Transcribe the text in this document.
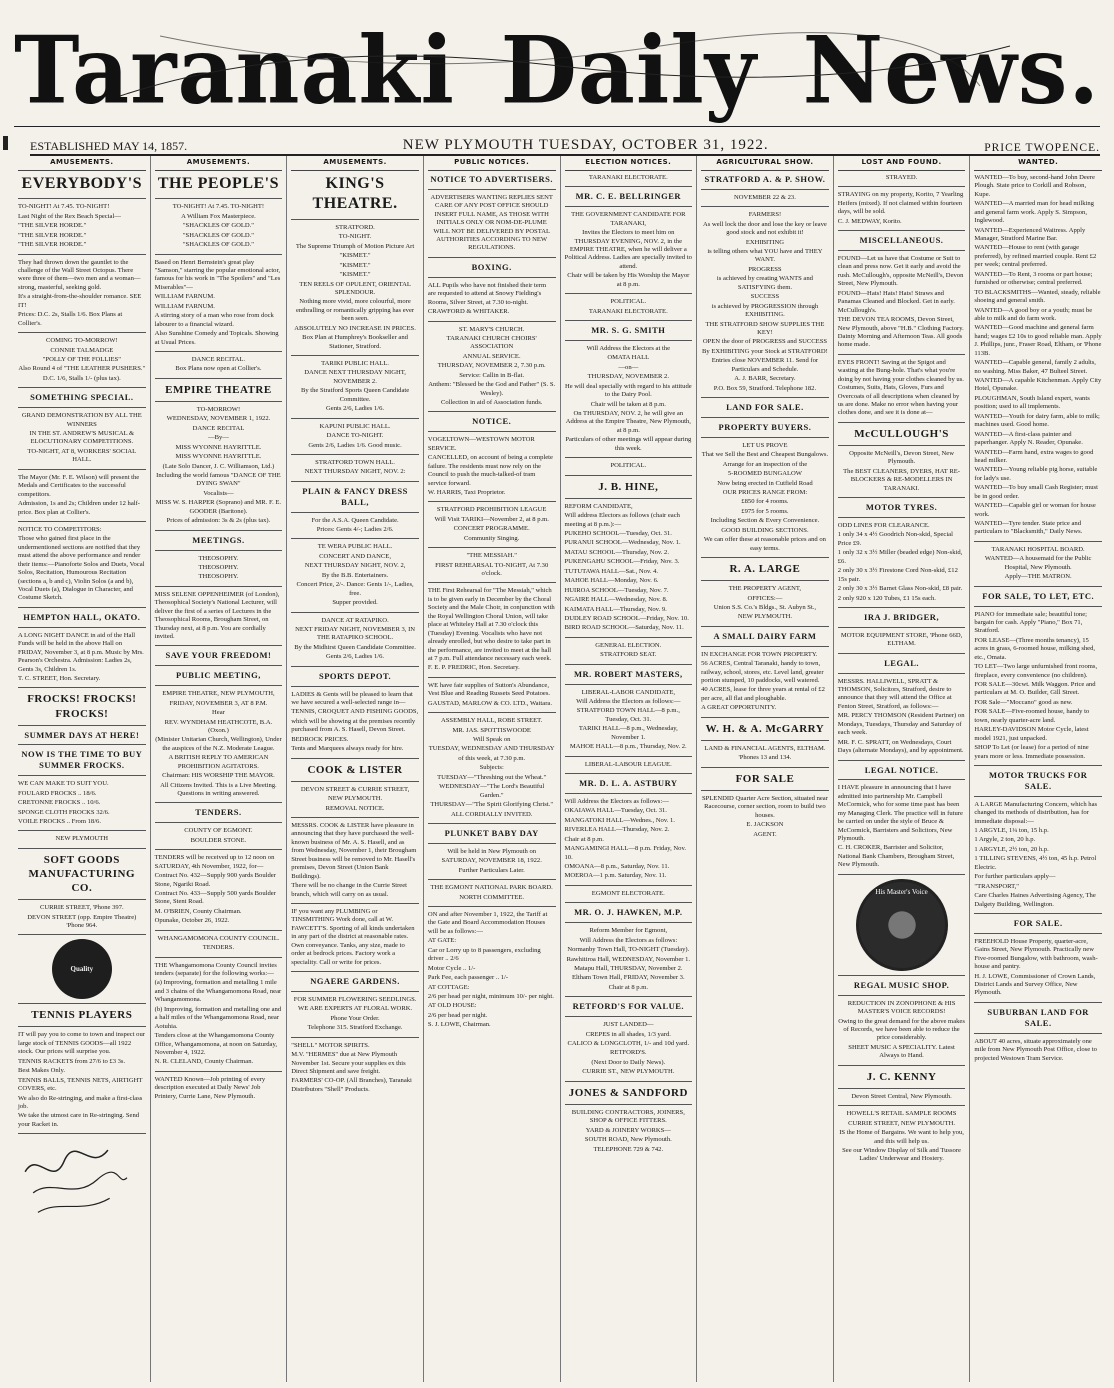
Taranaki Daily News.
ESTABLISHED MAY 14, 1857.	NEW PLYMOUTH TUESDAY, OCTOBER 31, 1922.	PRICE TWOPENCE.
AMUSEMENTS.
EVERYBODY'S

TO-NIGHT! At 7.45. TO-NIGHT!

Last Night of the Rex Beach Special—

"THE SILVER HORDE."

"THE SILVER HORDE."

"THE SILVER HORDE."

They had thrown down the gauntlet to the challenge of the Wall Street Octopus. There were three of them—two men and a woman—strong, masterful, seeking gold.

It's a straight-from-the-shoulder romance. SEE IT!

Prices: D.C. 2s, Stalls 1/6. Box Plans at Collier's.

COMING TO-MORROW!

CONNIE TALMADGE

"POLLY OF THE FOLLIES"

Also Round 4 of "THE LEATHER PUSHERS."

D.C. 1/6, Stalls 1/- (plus tax).

SOMETHING SPECIAL.

GRAND DEMONSTRATION BY ALL THE WINNERS

IN THE ST. ANDREW'S MUSICAL & ELOCUTIONARY COMPETITIONS.

TO-NIGHT, AT 8, WORKERS' SOCIAL HALL.

The Mayor (Mr. F. E. Wilson) will present the Medals and Certificates to the successful competitors.

Admission, 1s and 2s; Children under 12 half-price. Box plan at Collier's.

NOTICE TO COMPETITORS:

Those who gained first place in the undermentioned sections are notified that they must attend the above performance and render their items:—Pianoforte Solos and Duets, Vocal Solos, Recitation, Humourous Recitation (sections a, b and c), Violin Solos (a and b), Vocal Duets (a), Dialogue in Character, and Costume Sketch.

HEMPTON HALL, OKATO.

A LONG NIGHT DANCE in aid of the Hall Funds will be held in the above Hall on FRIDAY, November 3, at 8 p.m. Music by Mrs. Pearson's Orchestra. Admission: Ladies 2s, Gents 3s, Children 1s.

T. C. STREET, Hon. Secretary.

FROCKS! FROCKS! FROCKS!
SUMMER DAYS AT HERE!
NOW IS THE TIME TO BUY SUMMER FROCKS.

WE CAN MAKE TO SUIT YOU.

FOULARD FROCKS .. 18/6.

CRETONNE FROCKS .. 10/6.

SPONGE CLOTH FROCKS 32/6.

VOILE FROCKS .. From 18/6.

NEW PLYMOUTH

SOFT GOODS MANUFACTURING CO.

CURRIE STREET, 'Phone 397.

DEVON STREET (opp. Empire Theatre) 'Phone 964.

Quality
TENNIS PLAYERS

IT will pay you to come to town and inspect our large stock of TENNIS GOODS—all 1922 stock. Our prices will surprise you.

TENNIS RACKETS from 27/6 to £3 3s.

Best Makes Only.

TENNIS BALLS, TENNIS NETS, AIRTIGHT COVERS, etc.

We also do Re-stringing, and make a first-class job.

We take the utmost care in Re-stringing. Send your Racket in.

AMUSEMENTS.
THE PEOPLE'S

TO-NIGHT! At 7.45. TO-NIGHT!

A William Fox Masterpiece.

"SHACKLES OF GOLD."

"SHACKLES OF GOLD."

"SHACKLES OF GOLD."

Based on Henri Bernstein's great play "Samson," starring the popular emotional actor, famous for his work in "The Spoilers" and "Les Miserables"—

WILLIAM FARNUM.

WILLIAM FARNUM.

A stirring story of a man who rose from dock labourer to a financial wizard.

Also Sunshine Comedy and Topicals. Showing at Usual Prices.

DANCE RECITAL.

Box Plans now open at Collier's.

EMPIRE THEATRE

TO-MORROW!

WEDNESDAY, NOVEMBER 1, 1922.

DANCE RECITAL

—By—

MISS WYONNE HAYRITTLE.

MISS WYONNE HAYRITTLE.

(Late Solo Dancer, J. C. Williamson, Ltd.)

Including the world famous "DANCE OF THE DYING SWAN"

Vocalists—

MISS W. S. HARPER (Soprano) and MR. F. E. GOODER (Baritone).

Prices of admission: 3s & 2s (plus tax).

MEETINGS.

THEOSOPHY.

THEOSOPHY.

THEOSOPHY.

MISS SELENE OPPENHEIMER (of London), Theosophical Society's National Lecturer, will deliver the first of a series of Lectures in the Theosophical Rooms, Brougham Street, on Thursday next, at 8 p.m. You are cordially invited.

SAVE YOUR FREEDOM!
PUBLIC MEETING,

EMPIRE THEATRE, NEW PLYMOUTH,

FRIDAY, NOVEMBER 3, AT 8 P.M.

Hear

REV. WYNDHAM HEATHCOTE, B.A. (Oxon.)

(Minister Unitarian Church, Wellington), Under the auspices of the N.Z. Moderate League.

A BRITISH REPLY TO AMERICAN PROHIBITION AGITATORS.

Chairman: HIS WORSHIP THE MAYOR.

All Citizens Invited. This is a Live Meeting. Questions in writing answered.

TENDERS.

COUNTY OF EGMONT.

BOULDER STONE.

TENDERS will be received up to 12 noon on SATURDAY, 4th November, 1922, for—

Contract No. 432—Supply 900 yards Boulder Stone, Ngariki Road.

Contract No. 433—Supply 500 yards Boulder Stone, Stent Road.

M. O'BRIEN, County Chairman.

Opunake, October 26, 1922.

WHANGAMOMONA COUNTY COUNCIL.

TENDERS.

THE Whangamomona County Council invites tenders (separate) for the following works:—

(a) Improving, formation and metalling 1 mile and 3 chains of the Whangamomona Road, near Whangamomona.

(b) Improving, formation and metalling one and a half miles of the Whangamomona Road, near Aotuhia.

Tenders close at the Whangamomona County Office, Whangamomona, at noon on Saturday, November 4, 1922.

N. R. CLELAND, County Chairman.

WANTED Known—Job printing of every description executed at Daily News' Job Printery, Currie Lane, New Plymouth.

AMUSEMENTS.
KING'S THEATRE.

STRATFORD.

TO-NIGHT.

The Supreme Triumph of Motion Picture Art

"KISMET."

"KISMET."

"KISMET."

TEN REELS OF OPULENT, ORIENTAL SPLENDOUR.

Nothing more vivid, more colourful, more enthralling or romantically gripping has ever been seen.

ABSOLUTELY NO INCREASE IN PRICES.

Box Plan at Humphrey's Bookseller and Stationer, Stratford.

TARIKI PUBLIC HALL.

DANCE NEXT THURSDAY NIGHT, NOVEMBER 2.

By the Stratford Sports Queen Candidate Committee.

Gents 2/6, Ladies 1/6.

KAPUNI PUBLIC HALL.

DANCE TO-NIGHT.

Gents 2/6, Ladies 1/6. Good music.

STRATFORD TOWN HALL.

NEXT THURSDAY NIGHT, NOV. 2:

PLAIN & FANCY DRESS BALL,

For the A.S.A. Queen Candidate.

Prices: Gents 4/-; Ladies 2/6.

TE WERA PUBLIC HALL.

CONCERT AND DANCE,

NEXT THURSDAY NIGHT, NOV. 2,

By the B.B. Entertainers.

Concert Price, 2/-. Dance: Gents 1/-, Ladies, free.

Supper provided.

DANCE AT RATAPIKO.

NEXT FRIDAY NIGHT, NOVEMBER 3, IN THE RATAPIKO SCHOOL.

By the Midhirst Queen Candidate Committee.

Gents 2/6, Ladies 1/6.

SPORTS DEPOT.

LADIES & Gents will be pleased to learn that we have secured a well-selected range in—

TENNIS, CROQUET AND FISHING GOODS,

which will be showing at the premises recently purchased from A. S. Hasell, Devon Street.

BEDROCK PRICES.

Tents and Marquees always ready for hire.

COOK & LISTER

DEVON STREET & CURRIE STREET,

NEW PLYMOUTH.

REMOVAL NOTICE.

MESSRS. COOK & LISTER have pleasure in announcing that they have purchased the well-known business of Mr. A. S. Hasell, and as from Wednesday, November 1, their Brougham Street business will be removed to Mr. Hasell's premises, Devon Street (Union Bank Buildings).

There will be no change in the Currie Street branch, which will carry on as usual.

IF you want any PLUMBING or TINSMITHING Work done, call at W. FAWCETT'S. Sporting of all kinds undertaken in any part of the district at reasonable rates. Own conveyance. Tanks, any size, made to order at bedrock prices. Factory work a speciality. Call or write for prices.

NGAERE GARDENS.

FOR SUMMER FLOWERING SEEDLINGS.

WE ARE EXPERTS AT FLORAL WORK.

Phone Your Order.

Telephone 315. Stratford Exchange.

"SHELL" MOTOR SPIRITS.

M.V. "HERMES" due at New Plymouth November 1st. Secure your supplies ex this Direct Shipment and save freight.

FARMERS' CO-OP. (All Branches), Taranaki Distributors "Shell" Products.

PUBLIC NOTICES.
NOTICE TO ADVERTISERS.

ADVERTISERS WANTING REPLIES SENT CARE OF ANY POST OFFICE SHOULD INSERT FULL NAME, AS THOSE WITH INITIALS ONLY OR NOM-DE-PLUME WILL NOT BE DELIVERED BY POSTAL AUTHORITIES ACCORDING TO NEW REGULATIONS.

BOXING.

ALL Pupils who have not finished their term are requested to attend at Snowy Fielding's Rooms, Silver Street, at 7.30 to-night.

CRAWFORD & WHITAKER.

ST. MARY'S CHURCH.

TARANAKI CHURCH CHOIRS' ASSOCIATION

ANNUAL SERVICE.

THURSDAY, NOVEMBER 2, 7.30 p.m.

Service: Callin in B-flat.

Anthem: "Blessed be the God and Father" (S. S. Wesley).

Collection in aid of Association funds.

NOTICE.

VOGELTOWN—WESTOWN MOTOR SERVICE.

CANCELLED, on account of being a complete failure. The residents must now rely on the Council to push the much-talked-of tram service forward.

W. HARRIS, Taxi Proprietor.

STRATFORD PROHIBITION LEAGUE

Will Visit TARIKI—November 2, at 8 p.m.

CONCERT PROGRAMME.

Community Singing.

"THE MESSIAH."

FIRST REHEARSAL TO-NIGHT, At 7.30 o'clock.

THE First Rehearsal for "The Messiah," which is to be given early in December by the Choral Society and the Male Choir, in conjunction with the Royal Wellington Choral Union, will take place at Whiteley Hall at 7.30 o'clock this (Tuesday) Evening. Vocalists who have not already enrolled, but who desire to take part in the performance, are invited to meet at the hall at 7 p.m. Full attendance necessary each week.

F. E. P. FREDRIC, Hon. Secretary.

WE have fair supplies of Sutton's Abundance, Vest Blue and Reading Russets Seed Potatoes.

GAUSTAD, MARLOW & CO. LTD., Waitara.

ASSEMBLY HALL, ROBE STREET.

MR. JAS. SPOTTISWOODE

Will Speak on

TUESDAY, WEDNESDAY AND THURSDAY

of this week, at 7.30 p.m.

Subjects:

TUESDAY—"Threshing out the Wheat."

WEDNESDAY—"The Lord's Beautiful Garden."

THURSDAY—"The Spirit Glorifying Christ."

ALL CORDIALLY INVITED.

PLUNKET BABY DAY

Will be held in New Plymouth on

SATURDAY, NOVEMBER 18, 1922.

Further Particulars Later.

THE EGMONT NATIONAL PARK BOARD.

NORTH COMMITTEE.

ON and after November 1, 1922, the Tariff at the Gate and Board Accommodation Houses will be as follows:—

AT GATE:

Car or Lorry up to 8 passengers, excluding driver .. 2/6

Motor Cycle .. 1/-

Park Fee, each passenger .. 1/-

AT COTTAGE:

2/6 per head per night, minimum 10/- per night.

AT OLD HOUSE:

2/6 per head per night.

S. J. LOWE, Chairman.

ELECTION NOTICES.

TARANAKI ELECTORATE.

MR. C. E. BELLRINGER

THE GOVERNMENT CANDIDATE FOR TARANAKI,

Invites the Electors to meet him on THURSDAY EVENING, NOV. 2, in the EMPIRE THEATRE, when he will deliver a Political Address. Ladies are specially invited to attend.

Chair will be taken by His Worship the Mayor at 8 p.m.

POLITICAL.

TARANAKI ELECTORATE.

MR. S. G. SMITH

Will Address the Electors at the

OMATA HALL

—on—

THURSDAY, NOVEMBER 2.

He will deal specially with regard to his attitude to the Dairy Pool.

Chair will be taken at 8 p.m.

On THURSDAY, NOV. 2, he will give an Address at the Empire Theatre, New Plymouth, at 8 p.m.

Particulars of other meetings will appear during this week.

POLITICAL.

J. B. HINE,

REFORM CANDIDATE,

Will address Electors as follows (chair each meeting at 8 p.m.):—

PUKEHO SCHOOL—Tuesday, Oct. 31.

PURANUI SCHOOL—Wednesday, Nov. 1.

MATAU SCHOOL—Thursday, Nov. 2.

PUKENGAHU SCHOOL—Friday, Nov. 3.

TUTUTAWA HALL—Sat., Nov. 4.

MAHOE HALL—Monday, Nov. 6.

HUIROA SCHOOL—Tuesday, Nov. 7.

NGAIRE HALL—Wednesday, Nov. 8.

KAIMATA HALL—Thursday, Nov. 9.

DUDLEY ROAD SCHOOL—Friday, Nov. 10.

BIRD ROAD SCHOOL—Saturday, Nov. 11.

GENERAL ELECTION.

STRATFORD SEAT.

MR. ROBERT MASTERS,

LIBERAL-LABOR CANDIDATE,

Will Address the Electors as follows:—

STRATFORD TOWN HALL—8 p.m., Tuesday, Oct. 31.

TARIKI HALL—8 p.m., Wednesday, November 1.

MAHOE HALL—8 p.m., Thursday, Nov. 2.

LIBERAL-LABOUR LEAGUE.

MR. D. L. A. ASTBURY

Will Address the Electors as follows:—

OKAIAWA HALL—Tuesday, Oct. 31.

MANGATOKI HALL—Wednes., Nov. 1.

RIVERLEA HALL—Thursday, Nov. 2.

Chair at 8 p.m.

MANGAMINGI HALL—8 p.m. Friday, Nov. 10.

OMOANA—8 p.m., Saturday, Nov. 11.

MOEROA—1 p.m. Saturday, Nov. 11.

EGMONT ELECTORATE.

MR. O. J. HAWKEN, M.P.

Reform Member for Egmont,

Will Address the Electors as follows:

Normanby Town Hall, TO-NIGHT (Tuesday).

Rawhitiroa Hall, WEDNESDAY, November 1.

Matapu Hall, THURSDAY, November 2.

Eltham Town Hall, FRIDAY, November 3.

Chair at 8 p.m.

RETFORD'S FOR VALUE.

JUST LANDED—

CREPES in all shades, 1/3 yard.

CALICO & LONGCLOTH, 1/- and 10d yard.

RETFORD'S.

(Next Door to Daily News).

CURRIE ST., NEW PLYMOUTH.

JONES & SANDFORD

BUILDING CONTRACTORS, JOINERS, SHOP & OFFICE FITTERS.

YARD & JOINERY WORKS—

SOUTH ROAD, New Plymouth.

TELEPHONE 729 & 742.

AGRICULTURAL SHOW.
STRATFORD A. & P. SHOW.

NOVEMBER 22 & 23.

FARMERS!

As well lock the door and lose the key or leave good stock and not exhibit it!

EXHIBITING

is telling others what YOU have and THEY WANT.

PROGRESS

is achieved by creating WANTS and SATISFYING them.

SUCCESS

is achieved by PROGRESSION through EXHIBITING.

THE STRATFORD SHOW SUPPLIES THE KEY!

OPEN the door of PROGRESS and SUCCESS

By EXHIBITING your Stock at STRATFORD!

Entries close NOVEMBER 11. Send for Particulars and Schedule.

A. J. BARR, Secretary.

P.O. Box 59, Stratford. Telephone 182.

LAND FOR SALE.
PROPERTY BUYERS.

LET US PROVE

That we Sell the Best and Cheapest Bungalows.

Arrange for an inspection of the

5-ROOMED BUNGALOW

Now being erected in Cutfield Road

OUR PRICES RANGE FROM:

£850 for 4 rooms.

£975 for 5 rooms.

Including Section & Every Convenience.

GOOD BUILDING SECTIONS.

We can offer these at reasonable prices and on easy terms.

R. A. LARGE

THE PROPERTY AGENT,

OFFICES:—

Union S.S. Co.'s Bldgs., St. Aubyn St.,

NEW PLYMOUTH.

A SMALL DAIRY FARM

IN EXCHANGE FOR TOWN PROPERTY.

56 ACRES, Central Taranaki, handy to town, railway, school, stores, etc. Level land, greater portion stumped, 10 paddocks, well watered.

40 ACRES, lease for three years at rental of £2 per acre, all flat and ploughable.

A GREAT OPPORTUNITY.

W. H. & A. McGARRY

LAND & FINANCIAL AGENTS, ELTHAM.

'Phones 13 and 134.

FOR SALE

SPLENDID Quarter Acre Section, situated near Racecourse, corner section, room to build two houses.

E. JACKSON

AGENT.

LOST AND FOUND.

STRAYED.

STRAYING on my property, Korito, 7 Yearling Heifers (mixed). If not claimed within fourteen days, will be sold.

C. J. MEDWAY, Korito.

MISCELLANEOUS.

FOUND—Let us have that Costume or Suit to clean and press now. Get it early and avoid the rush. McCullough's, opposite McNeill's, Devon Street, New Plymouth.

FOUND—Hats! Hats! Hats! Straws and Panamas Cleaned and Blocked. Get in early. McCullough's.

THE DEVON TEA ROOMS, Devon Street, New Plymouth, above "H.B." Clothing Factory. Dainty Morning and Afternoon Teas. All goods home made.

EYES FRONT! Saving at the Spigot and wasting at the Bung-hole. That's what you're doing by not having your clothes cleaned by us. Costumes, Suits, Hats, Gloves, Furs and Overcoats of all descriptions when cleaned by us are done. Make no error when having your clothes done, and see it is done at—

McCULLOUGH'S

Opposite McNeill's, Devon Street, New Plymouth.

The BEST CLEANERS, DYERS, HAT RE-BLOCKERS & RE-MODELLERS IN TARANAKI.

MOTOR TYRES.

ODD LINES FOR CLEARANCE.

1 only 34 x 4½ Goodrich Non-skid, Special Price £9.

1 only 32 x 3½ Miller (beaded edge) Non-skid, £6.

2 only 30 x 3½ Firestone Cord Non-skid, £12 15s pair.

2 only 30 x 3½ Barnet Glass Non-skid, £8 pair.

2 only 920 x 120 Tubes, £1 15s each.

IRA J. BRIDGER,

MOTOR EQUIPMENT STORE, 'Phone 66D, ELTHAM.

LEGAL.

MESSRS. HALLIWELL, SPRATT & THOMSON, Solicitors, Stratford, desire to announce that they will attend the Office at Fenton Street, Stratford, as follows:—

MR. PERCY THOMSON (Resident Partner) on Mondays, Tuesdays, Thursday and Saturday of each week.

MR. F. C. SPRATT, on Wednesdays, Court Days (alternate Mondays), and by appointment.

LEGAL NOTICE.

I HAVE pleasure in announcing that I have admitted into partnership Mr. Campbell McCormick, who for some time past has been my Managing Clerk. The practice will in future be carried on under the style of Bruce & McCormick, Barristers and Solicitors, New Plymouth.

C. H. CROKER, Barrister and Solicitor, National Bank Chambers, Brougham Street, New Plymouth.

His Master's Voice
REGAL MUSIC SHOP.

REDUCTION IN ZONOPHONE & HIS MASTER'S VOICE RECORDS!

Owing to the great demand for the above makes of Records, we have been able to reduce the price considerably.

SHEET MUSIC A SPECIALITY. Latest Always to Hand.

J. C. KENNY

Devon Street Central, New Plymouth.

HOWELL'S RETAIL SAMPLE ROOMS

CURRIE STREET, NEW PLYMOUTH.

IS the Home of Bargains. We want to help you, and this will help us.

See our Window Display of Silk and Tussore Ladies' Underwear and Hosiery.

WANTED.

WANTED—To buy, second-hand John Deere Plough. State price to Corkill and Robson, Kupe.

WANTED—A married man for head milking and general farm work. Apply S. Simpson, Inglewood.

WANTED—Experienced Waitress. Apply Manager, Stratford Marine Bar.

WANTED—House to rent (with garage preferred), by refined married couple. Rent £2 per week; central preferred.

WANTED—To Rent, 3 rooms or part house; furnished or otherwise; central preferred.

TO BLACKSMITHS—Wanted, steady, reliable shoeing and general smith.

WANTED—A good boy or a youth; must be able to milk and do farm work.

WANTED—Good machine and general farm hand; wages £2 10s to good reliable man. Apply J. Phillips, junr., Fraser Road, Eltham, or 'Phone 113B.

WANTED—Capable general, family 2 adults, no washing. Miss Baker, 47 Bulteel Street.

WANTED—A capable Kitchenman. Apply City Hotel, Opunake.

PLOUGHMAN, South Island expert, wants position; used to all implements.

WANTED—Youth for dairy farm, able to milk; machines used. Good home.

WANTED—A first-class painter and paperhanger. Apply N. Reader, Opunake.

WANTED—Farm hand, extra wages to good head milker.

WANTED—Young reliable pig horse, suitable for lady's use.

WANTED—To buy small Cash Register; must be in good order.

WANTED—Capable girl or woman for house work.

WANTED—Tyre tender. State price and particulars to "Blacksmith," Daily News.

TARANAKI HOSPITAL BOARD.

WANTED—A housemaid for the Public Hospital, New Plymouth.

Apply—THE MATRON.

FOR SALE, TO LET, ETC.

PIANO for immediate sale; beautiful tone; bargain for cash. Apply "Piano," Box 71, Stratford.

FOR LEASE—(Three months tenancy), 15 acres in grass, 6-roomed house, milking shed, etc., Omata.

TO LET—Two large unfurnished front rooms, fireplace, every convenience (no children).

FOR SALE—30cwt. Milk Waggon. Price and particulars at M. O. Builder, Gill Street.

FOR Sale—"Moccano" good as new.

FOR SALE—Five-roomed house, handy to town, nearly quarter-acre land.

HARLEY-DAVIDSON Motor Cycle, latest model 1921, just unpacked.

SHOP To Let (or lease) for a period of nine years more or less. Immediate possession.

MOTOR TRUCKS FOR SALE.

A LARGE Manufacturing Concern, which has changed its methods of distribution, has for immediate disposal:—

1 ARGYLE, 1¼ ton, 15 h.p.

1 Argyle, 2 ton, 20 h.p.

1 ARGYLE, 2½ ton, 20 h.p.

1 TILLING STEVENS, 4½ ton, 45 h.p. Petrol Electric.

For further particulars apply—

"TRANSPORT,"

Care Charles Haines Advertising Agency, The Dalgety Building, Wellington.

FOR SALE.

FREEHOLD House Property, quarter-acre, Gains Street, New Plymouth. Practically new Five-roomed Bungalow, with bathroom, wash-house and pantry.

H. J. LOWE, Commissioner of Crown Lands, District Lands and Survey Office, New Plymouth.

SUBURBAN LAND FOR SALE.

ABOUT 40 acres, situate approximately one mile from New Plymouth Post Office, close to projected Westown Tram Service.
